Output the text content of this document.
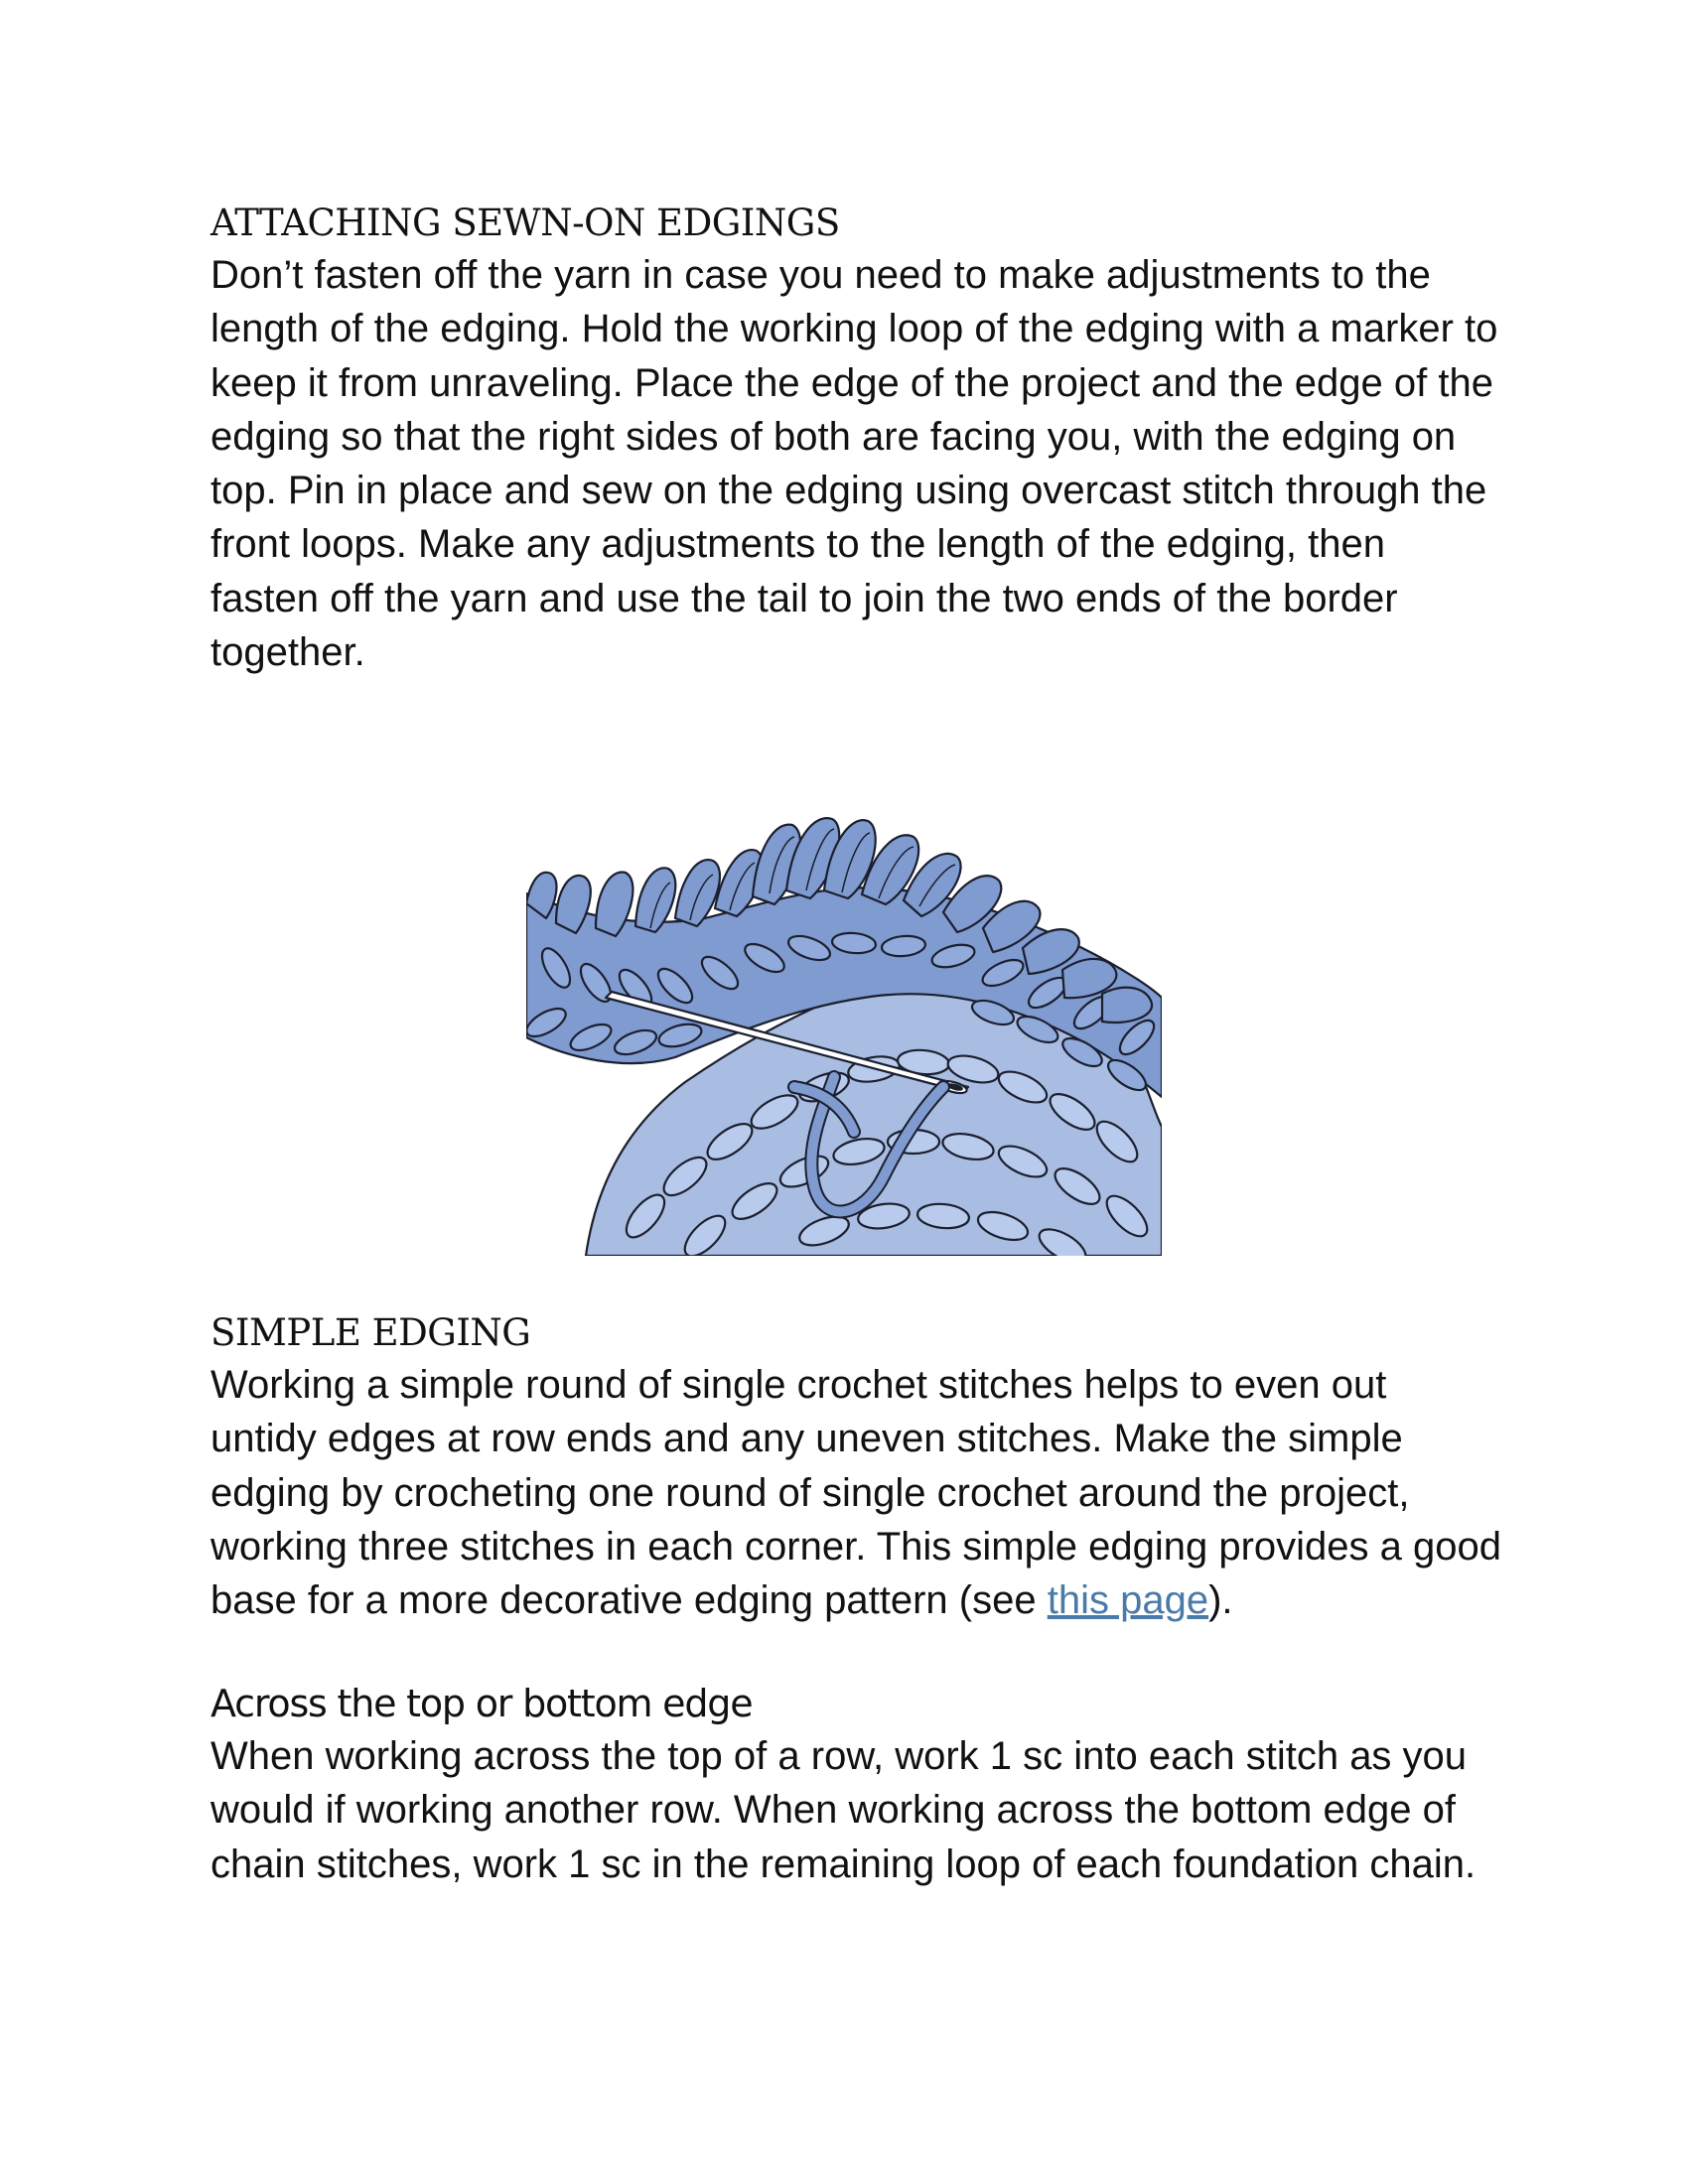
ATTACHING SEWN-ON EDGINGS

Don’t fasten off the yarn in case you need to make adjustments to the length of the edging. Hold the working loop of the edging with a marker to keep it from unraveling. Place the edge of the project and the edge of the edging so that the right sides of both are facing you, with the edging on top. Pin in place and sew on the edging using overcast stitch through the front loops. Make any adjustments to the length of the edging, then fasten off the yarn and use the tail to join the two ends of the border together.

SIMPLE EDGING

Working a simple round of single crochet stitches helps to even out untidy edges at row ends and any uneven stitches. Make the simple edging by crocheting one round of single crochet around the project, working three stitches in each corner. This simple edging provides a good base for a more decorative edging pattern (see this page).

Across the top or bottom edge

When working across the top of a row, work 1 sc into each stitch as you would if working another row. When working across the bottom edge of chain stitches, work 1 sc in the remaining loop of each foundation chain.
